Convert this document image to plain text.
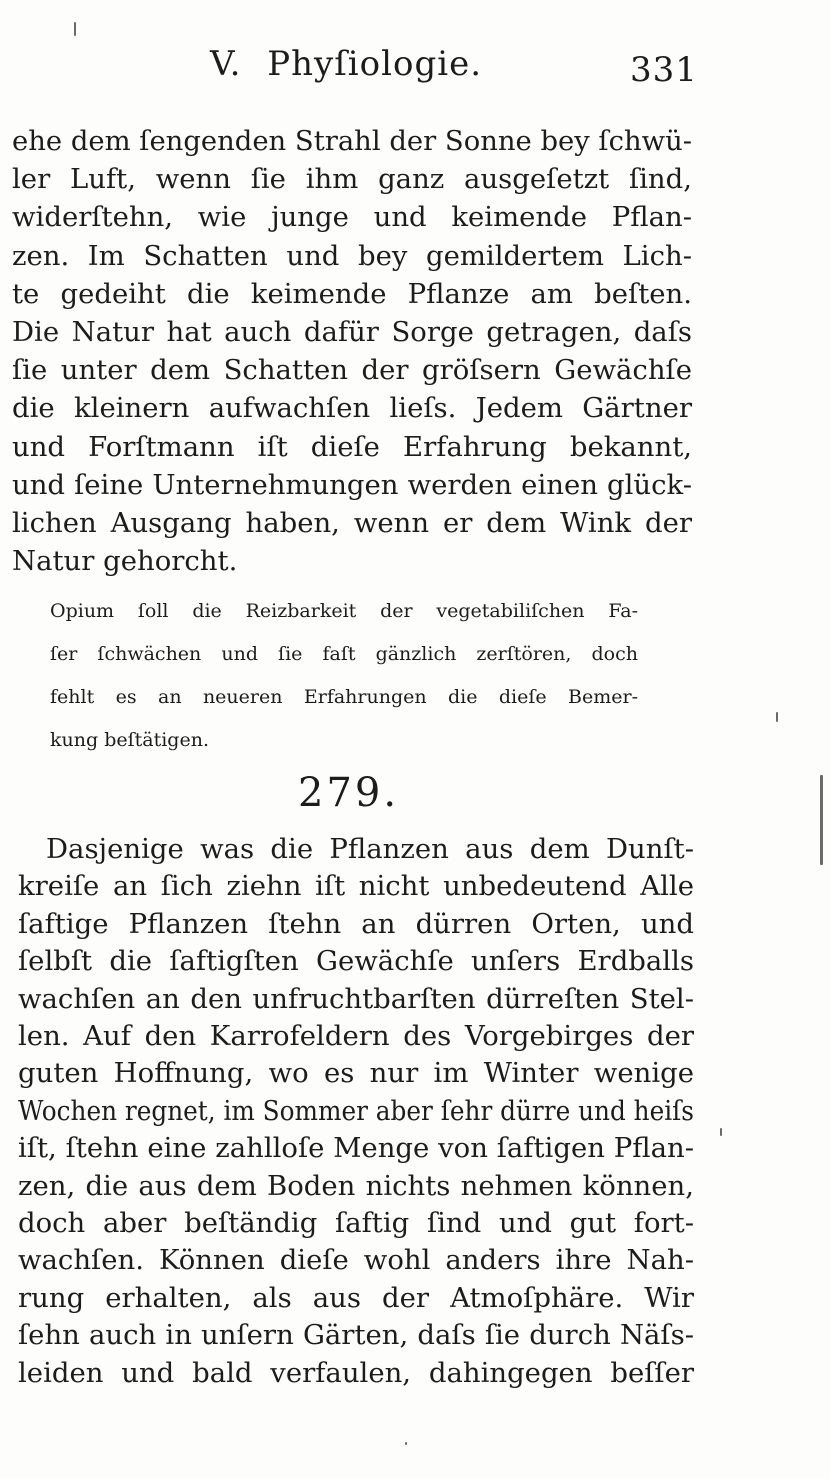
V. Phyſiologie.	331
ehe dem ſengenden Strahl der Sonne bey ſchwü-
ler Luft, wenn ſie ihm ganz ausgeſetzt ſind,
widerſtehn, wie junge und keimende Pflan-
zen. Im Schatten und bey gemildertem Lich-
te gedeiht die keimende Pflanze am beſten.
Die Natur hat auch dafür Sorge getragen, daſs
ſie unter dem Schatten der gröſsern Gewächſe
die kleinern aufwachſen lieſs. Jedem Gärtner
und Forſtmann iſt dieſe Erfahrung bekannt,
und ſeine Unternehmungen werden einen glück-
lichen Ausgang haben, wenn er dem Wink der
Natur gehorcht.
Opium ſoll die Reizbarkeit der vegetabiliſchen Fa-
ſer ſchwächen und ſie faſt gänzlich zerſtören, doch
fehlt es an neueren Erfahrungen die dieſe Bemer-
kung beſtätigen.
279.
Dasjenige was die Pflanzen aus dem Dunſt-
kreiſe an ſich ziehn iſt nicht unbedeutend Alle
ſaftige Pflanzen ſtehn an dürren Orten, und
ſelbſt die ſaftigſten Gewächſe unſers Erdballs
wachſen an den unfruchtbarſten dürreſten Stel-
len. Auf den Karrofeldern des Vorgebirges der
guten Hoffnung, wo es nur im Winter wenige
Wochen regnet, im Sommer aber ſehr dürre und heiſs
iſt, ſtehn eine zahlloſe Menge von ſaftigen Pflan-
zen, die aus dem Boden nichts nehmen können,
doch aber beſtändig ſaftig ſind und gut fort-
wachſen. Können dieſe wohl anders ihre Nah-
rung erhalten, als aus der Atmoſphäre. Wir
ſehn auch in unſern Gärten, daſs ſie durch Näſs-
leiden und bald verfaulen, dahingegen beſſer
